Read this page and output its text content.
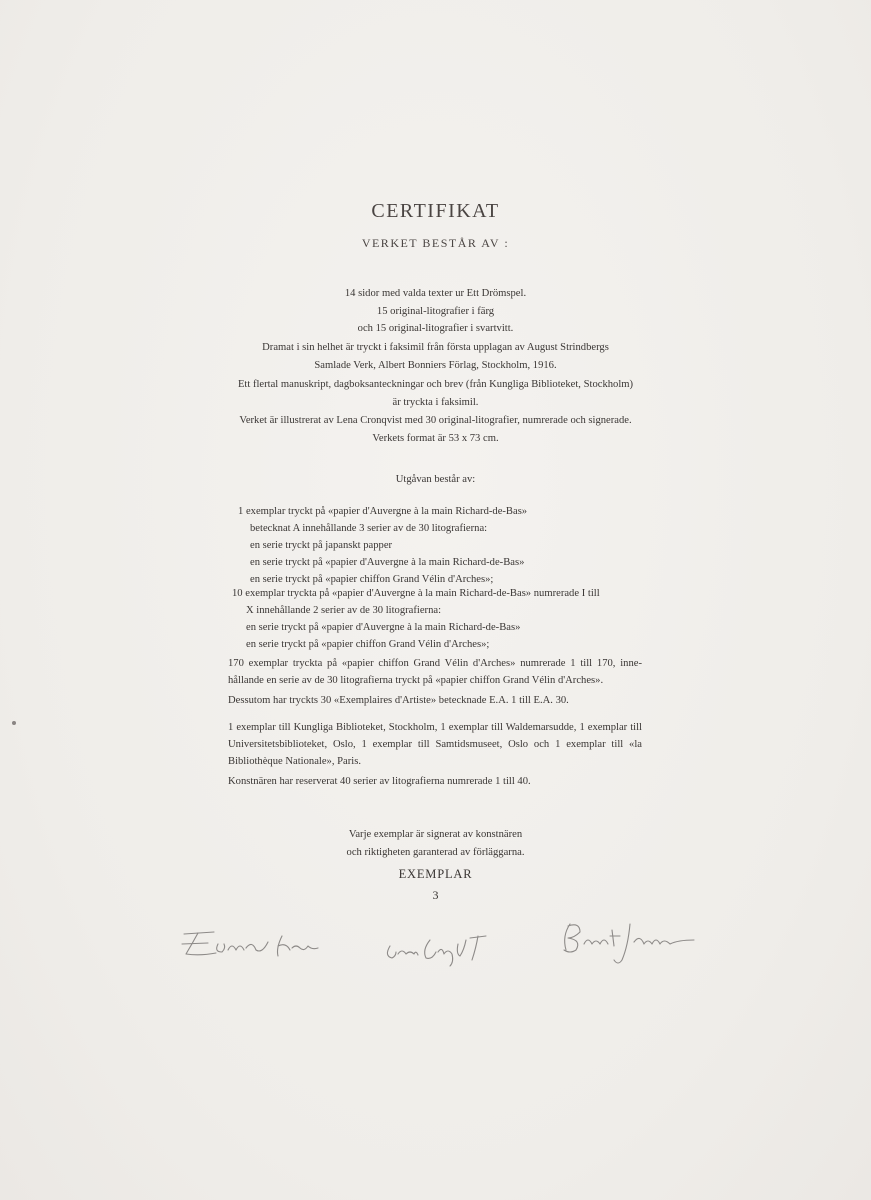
CERTIFIKAT
VERKET BESTÅR AV :
14 sidor med valda texter ur Ett Drömspel.
15 original-litografier i färg
och 15 original-litografier i svartvitt.
Dramat i sin helhet är tryckt i faksimil från första upplagan av August Strindbergs
Samlade Verk, Albert Bonniers Förlag, Stockholm, 1916.
Ett flertal manuskript, dagboksanteckningar och brev (från Kungliga Biblioteket, Stockholm)
är tryckta i faksimil.
Verket är illustrerat av Lena Cronqvist med 30 original-litografier, numrerade och signerade.
Verkets format är 53 x 73 cm.
Utgåvan består av:
1 exemplar tryckt på «papier d'Auvergne à la main Richard-de-Bas»
betecknat A innehållande 3 serier av de 30 litografierna:
en serie tryckt på japanskt papper
en serie tryckt på «papier d'Auvergne à la main Richard-de-Bas»
en serie tryckt på «papier chiffon Grand Vélin d'Arches»;
10 exemplar tryckta på «papier d'Auvergne à la main Richard-de-Bas» numrerade I till
X innehållande 2 serier av de 30 litografierna:
en serie tryckt på «papier d'Auvergne à la main Richard-de-Bas»
en serie tryckt på «papier chiffon Grand Vélin d'Arches»;
170 exemplar tryckta på «papier chiffon Grand Vélin d'Arches» numrerade 1 till 170, inne-hållande en serie av de 30 litografierna tryckt på «papier chiffon Grand Vélin d'Arches».
Dessutom har tryckts 30 «Exemplaires d'Artiste» betecknade E.A. 1 till E.A. 30.
1 exemplar till Kungliga Biblioteket, Stockholm, 1 exemplar till Waldemarsudde, 1 exemplar till Universitetsbiblioteket, Oslo, 1 exemplar till Samtidsmuseet, Oslo och 1 exemplar till «la Bibliothèque Nationale», Paris.
Konstnären har reserverat 40 serier av litografierna numrerade 1 till 40.
Varje exemplar är signerat av konstnären
och riktigheten garanterad av förläggarna.
EXEMPLAR
3
